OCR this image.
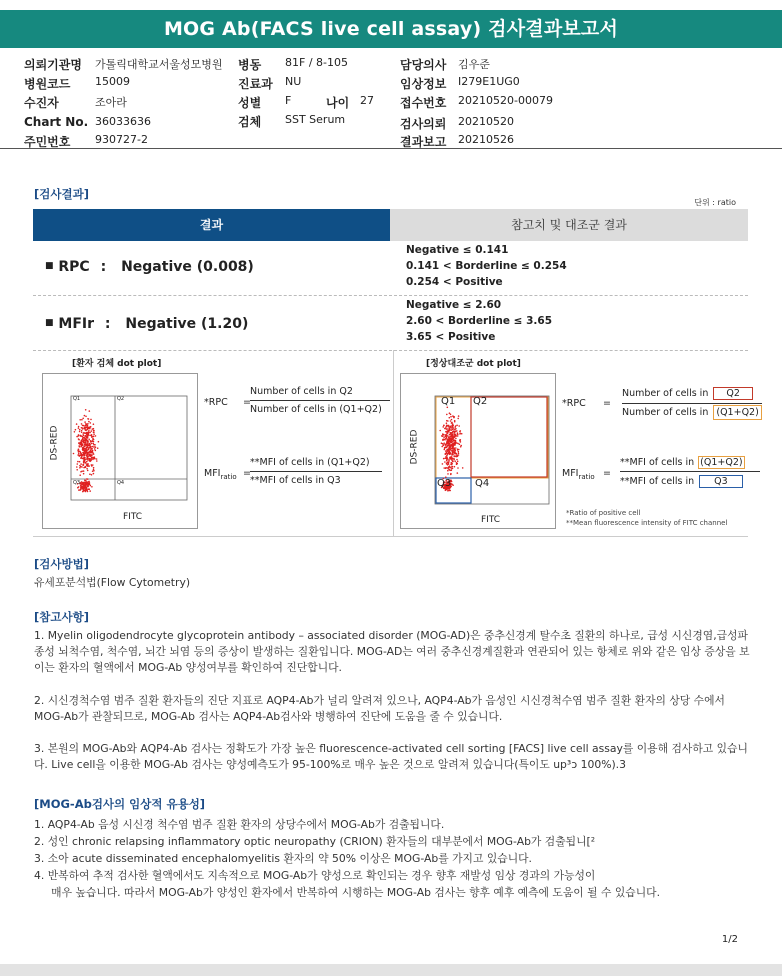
MOG Ab(FACS live cell assay) 검사결과보고서
의뢰기관명 가톨릭대학교서울성모병원 병동 81F / 8-105	담당의사 김우준
병원코드 15009	진료과 NU	임상정보 I279E1UG0
수진자	조아라	성별 F	나이 27 접수번호 20210520-00079
Chart No. 36033636	검체 SST Serum	검사의뢰 20210520
주민번호 930727-2	결과보고 20210526
[검사결과]
단위 : ratio
결과	참고치 및 대조군 결과
■ RPC : Negative (0.008)
Negative ≤ 0.141
0.141 < Borderline ≤ 0.254
0.254 < Positive
■ MFIr : Negative (1.20)
Negative ≤ 2.60
2.60 < Borderline ≤ 3.65
3.65 < Positive
[환자 검체 dot plot]	[정상대조군 dot plot]
Q1	Q2
Q3	Q4
DS-RED
FITC
*RPC =
Number of cells in Q2
Number of cells in (Q1+Q2)
$MFI_{ratio}$ =
**MFI of cells in (Q1+Q2)
**MFI of cells in Q3
Q1 Q2
Q3 Q4
DS-RED
FITC
*RPC =
Number of cells in Q2
Number of cells in (Q1+Q2)
$MFI_{ratio}$ =
**MFI of cells in (Q1+Q2)
**MFI of cells in Q3
*Ratio of positive cell
**Mean fluorescence intensity of FITC channel
[검사방법]
유세포분석법(Flow Cytometry)
[참고사항]

1. Myelin oligodendrocyte glycoprotein antibody – associated disorder (MOG-AD)은 중추신경계 탈수초 질환의 하나로, 급성 시신경염,급성파종성 뇌척수염, 척수염, 뇌간 뇌염 등의 증상이 발생하는 질환입니다. MOG-AD는 여러 중추신경계질환과 연관되어 있는 항체로 위와 같은 임상 증상을 보이는 환자의 혈액에서 MOG-Ab 양성여부를 확인하여 진단합니다.

2. 시신경척수염 범주 질환 환자들의 진단 지표로 AQP4-Ab가 널리 알려져 있으나, AQP4-Ab가 음성인 시신경척수염 범주 질환 환자의 상당 수에서 MOG-Ab가 관찰되므로, MOG-Ab 검사는 AQP4-Ab검사와 병행하여 진단에 도움을 줄 수 있습니다.

3. 본원의 MOG-Ab와 AQP4-Ab 검사는 정확도가 가장 높은 fluorescence-activated cell sorting [FACS] live cell assay를 이용해 검사하고 있습니다. Live cell을 이용한 MOG-Ab 검사는 양성예측도가 95-100%로 매우 높은 것으로 알려져 있습니다(특이도 up³ↄ 100%).3

[MOG-Ab검사의 임상적 유용성]
1. AQP4-Ab 음성 시신경 척수염 범주 질환 환자의 상당수에서 MOG-Ab가 검출됩니다.
2. 성인 chronic relapsing inflammatory optic neuropathy (CRION) 환자들의 대부분에서 MOG-Ab가 검출됩니[²
3. 소아 acute disseminated encephalomyelitis 환자의 약 50% 이상은 MOG-Ab를 가지고 있습니다.
4. 반복하여 추적 검사한 혈액에서도 지속적으로 MOG-Ab가 양성으로 확인되는 경우 향후 재발성 임상 경과의 가능성이
매우 높습니다. 따라서 MOG-Ab가 양성인 환자에서 반복하여 시행하는 MOG-Ab 검사는 향후 예후 예측에 도움이 될 수 있습니다.
1/2
